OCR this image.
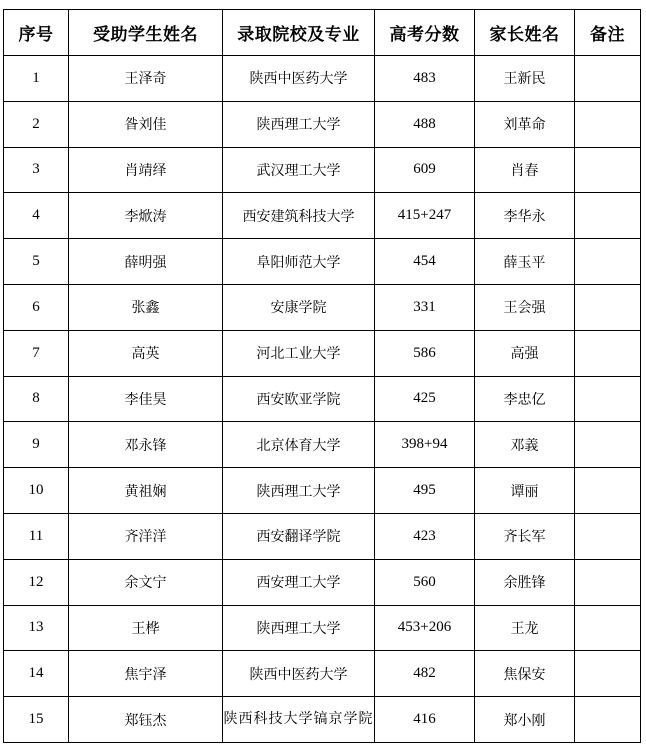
序号	受助学生姓名	录取院校及专业	高考分数	家长姓名	备注
1	王泽奇	陕西中医药大学	483	王新民	
2	昝刘佳	陕西理工大学	488	刘革命	
3	肖靖绎	武汉理工大学	609	肖春	
4	李焮涛	西安建筑科技大学	415+247	李华永	
5	薛明强	阜阳师范大学	454	薛玉平	
6	张鑫	安康学院	331	王会强	
7	高英	河北工业大学	586	高强	
8	李佳昊	西安欧亚学院	425	李忠亿	
9	邓永锋	北京体育大学	398+94	邓義	
10	黄祖娴	陕西理工大学	495	谭丽	
11	齐洋洋	西安翻译学院	423	齐长军	
12	余文宁	西安理工大学	560	余胜锋	
13	王桦	陕西理工大学	453+206	王龙	
14	焦宇泽	陕西中医药大学	482	焦保安	
15	郑钰杰	陕西科技大学镐京学院	416	郑小刚	
